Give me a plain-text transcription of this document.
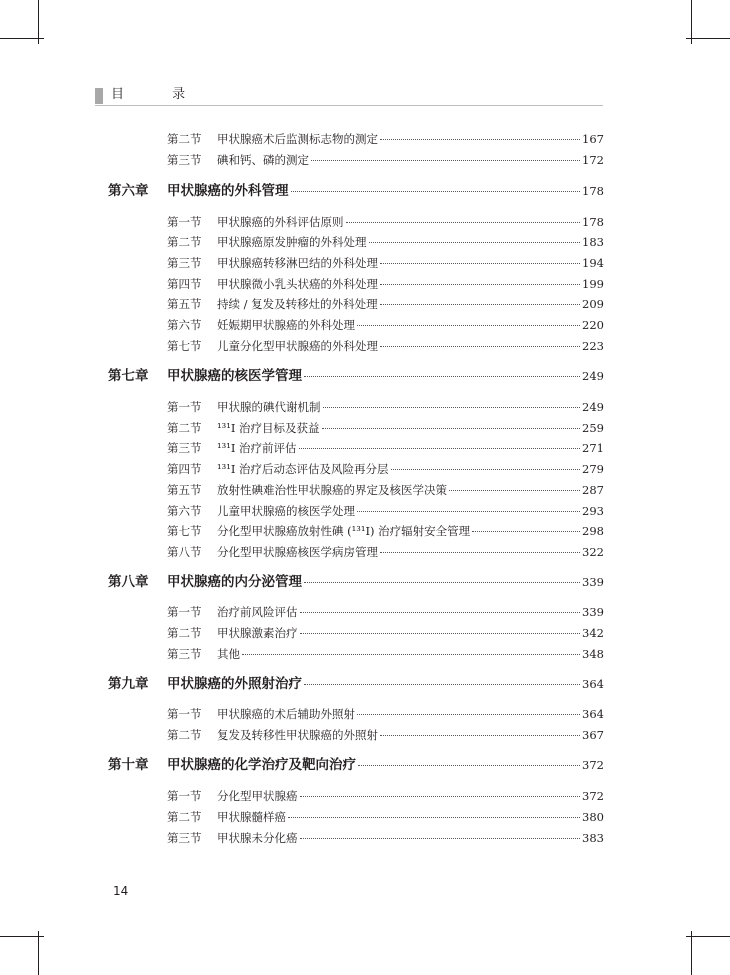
目 录
第二节	甲状腺癌术后监测标志物的测定	167
第三节	碘和钙、磷的测定	172
第六章	甲状腺癌的外科管理	178
第一节	甲状腺癌的外科评估原则	178
第二节	甲状腺癌原发肿瘤的外科处理	183
第三节	甲状腺癌转移淋巴结的外科处理	194
第四节	甲状腺微小乳头状癌的外科处理	199
第五节	持续 / 复发及转移灶的外科处理	209
第六节	妊娠期甲状腺癌的外科处理	220
第七节	儿童分化型甲状腺癌的外科处理	223
第七章	甲状腺癌的核医学管理	249
第一节	甲状腺的碘代谢机制	249
第二节	¹³¹I 治疗目标及获益	259
第三节	¹³¹I 治疗前评估	271
第四节	¹³¹I 治疗后动态评估及风险再分层	279
第五节	放射性碘难治性甲状腺癌的界定及核医学决策	287
第六节	儿童甲状腺癌的核医学处理	293
第七节	分化型甲状腺癌放射性碘 (¹³¹I) 治疗辐射安全管理	298
第八节	分化型甲状腺癌核医学病房管理	322
第八章	甲状腺癌的内分泌管理	339
第一节	治疗前风险评估	339
第二节	甲状腺激素治疗	342
第三节	其他	348
第九章	甲状腺癌的外照射治疗	364
第一节	甲状腺癌的术后辅助外照射	364
第二节	复发及转移性甲状腺癌的外照射	367
第十章	甲状腺癌的化学治疗及靶向治疗	372
第一节	分化型甲状腺癌	372
第二节	甲状腺髓样癌	380
第三节	甲状腺未分化癌	383
14
